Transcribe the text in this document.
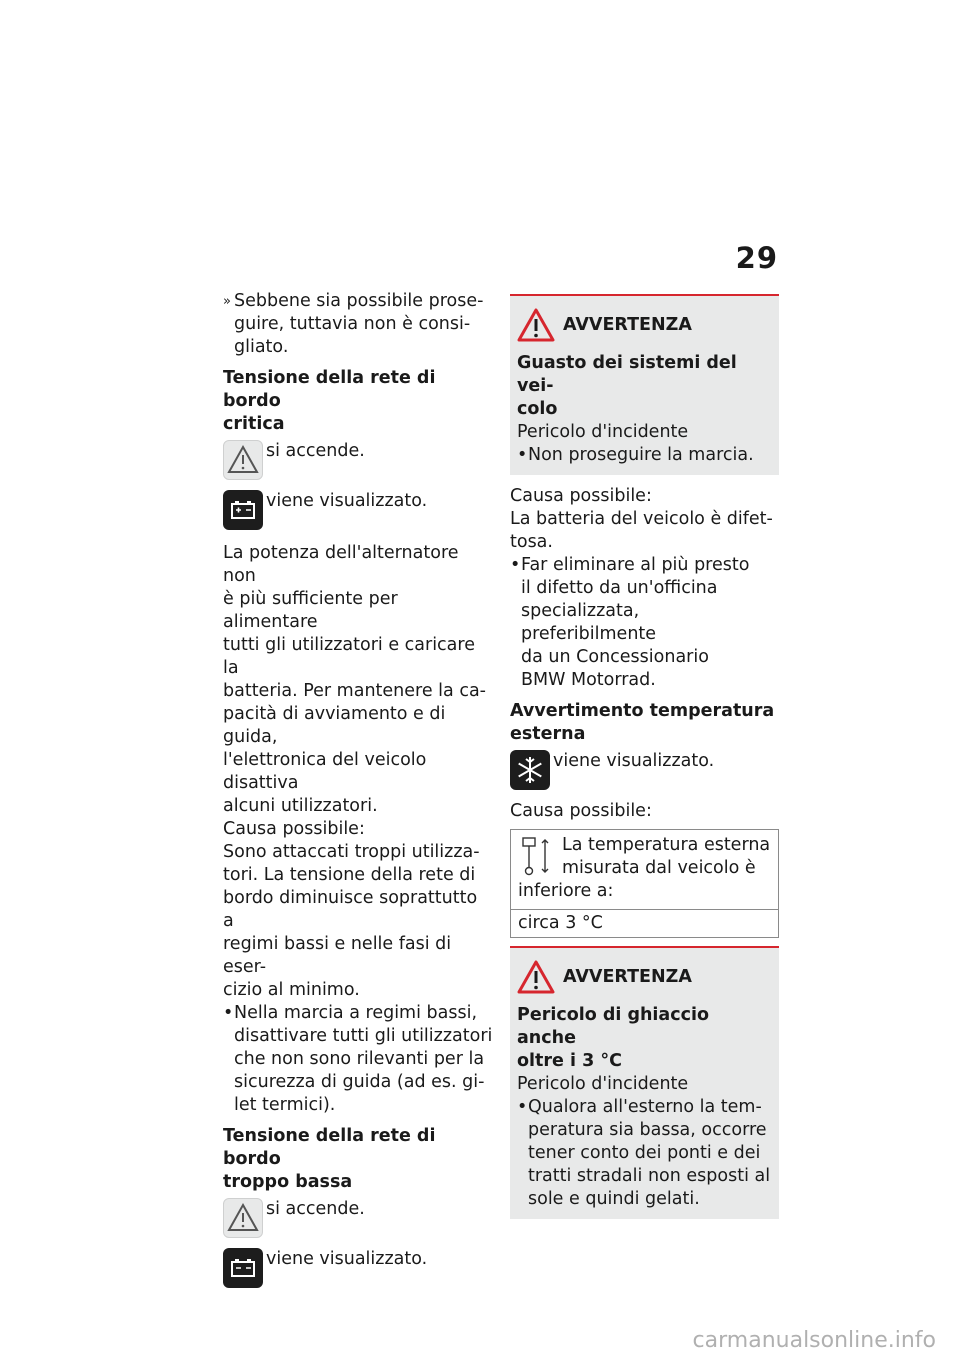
29
» Sebbene sia possibile prose-

guire, tuttavia non è consi-

gliato.

Tensione della rete di bordo

critica

si accende.

viene visualizzato.

La potenza dell'alternatore non

è più sufficiente per alimentare

tutti gli utilizzatori e caricare la

batteria. Per mantenere la ca-

pacità di avviamento e di guida,

l'elettronica del veicolo disattiva

alcuni utilizzatori.

Causa possibile:

Sono attaccati troppi utilizza-

tori. La tensione della rete di

bordo diminuisce soprattutto a

regimi bassi e nelle fasi di eser-

cizio al minimo.

• Nella marcia a regimi bassi,

disattivare tutti gli utilizzatori

che non sono rilevanti per la

sicurezza di guida (ad es. gi-

let termici).

Tensione della rete di bordo

troppo bassa

si accende.

viene visualizzato.

AVVERTENZA

Guasto dei sistemi del vei-

colo

Pericolo d'incidente

• Non proseguire la marcia.

Causa possibile:

La batteria del veicolo è difet-

tosa.

• Far eliminare al più presto

il difetto da un'officina

specializzata, preferibilmente

da un Concessionario

BMW Motorrad.

Avvertimento temperatura

esterna

viene visualizzato.

Causa possibile:

La temperatura esterna

misurata dal veicolo è

inferiore a:

circa 3 °C

AVVERTENZA

Pericolo di ghiaccio anche

oltre i 3 °C

Pericolo d'incidente

• Qualora all'esterno la tem-

peratura sia bassa, occorre

tener conto dei ponti e dei

tratti stradali non esposti al

sole e quindi gelati.

carmanualsonline.info
